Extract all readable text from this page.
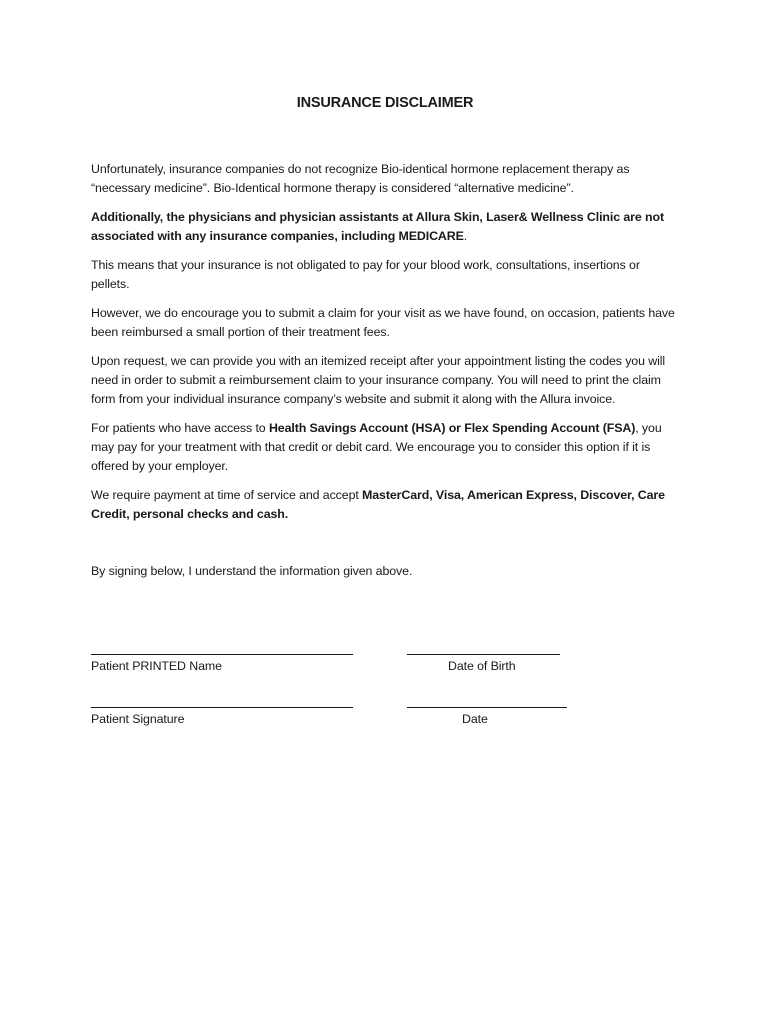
INSURANCE DISCLAIMER

Unfortunately, insurance companies do not recognize Bio-identical hormone replacement therapy as “necessary medicine”. Bio-Identical hormone therapy is considered “alternative medicine”.

Additionally, the physicians and physician assistants at Allura Skin, Laser& Wellness Clinic are not associated with any insurance companies, including MEDICARE.

This means that your insurance is not obligated to pay for your blood work, consultations, insertions or pellets.

However, we do encourage you to submit a claim for your visit as we have found, on occasion, patients have been reimbursed a small portion of their treatment fees.

Upon request, we can provide you with an itemized receipt after your appointment listing the codes you will need in order to submit a reimbursement claim to your insurance company. You will need to print the claim form from your individual insurance company’s website and submit it along with the Allura invoice.

For patients who have access to Health Savings Account (HSA) or Flex Spending Account (FSA), you may pay for your treatment with that credit or debit card. We encourage you to consider this option if it is offered by your employer.

We require payment at time of service and accept MasterCard, Visa, American Express, Discover, Care Credit, personal checks and cash.

By signing below, I understand the information given above.

Patient PRINTED Name	Date of Birth
Patient Signature	Date
